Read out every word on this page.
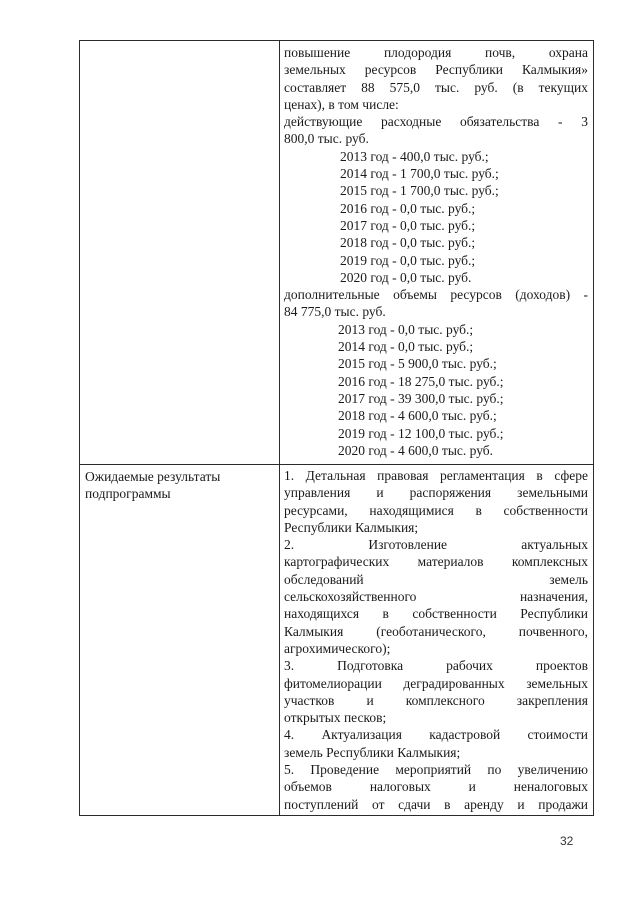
повышение плодородия почв, охрана
земельных ресурсов Республики Калмыкия»
составляет 88 575,0 тыс. руб. (в текущих
ценах), в том числе:
действующие расходные обязательства - 3
800,0 тыс. руб.
2013 год - 400,0 тыс. руб.;
2014 год - 1 700,0 тыс. руб.;
2015 год - 1 700,0 тыс. руб.;
2016 год - 0,0 тыс. руб.;
2017 год - 0,0 тыс. руб.;
2018 год - 0,0 тыс. руб.;
2019 год - 0,0 тыс. руб.;
2020 год - 0,0 тыс. руб.
дополнительные объемы ресурсов (доходов) -
84 775,0 тыс. руб.
2013 год - 0,0 тыс. руб.;
2014 год - 0,0 тыс. руб.;
2015 год - 5 900,0 тыс. руб.;
2016 год - 18 275,0 тыс. руб.;
2017 год - 39 300,0 тыс. руб.;
2018 год - 4 600,0 тыс. руб.;
2019 год - 12 100,0 тыс. руб.;
2020 год - 4 600,0 тыс. руб.
Ожидаемые результаты подпрограммы
1. Детальная правовая регламентация в сфере
управления и распоряжения земельными
ресурсами, находящимися в собственности
Республики Калмыкия;
2. Изготовление актуальных
картографических материалов комплексных
обследований земель
сельскохозяйственного назначения,
находящихся в собственности Республики
Калмыкия (геоботанического, почвенного,
агрохимического);
3. Подготовка рабочих проектов
фитомелиорации деградированных земельных
участков и комплексного закрепления
открытых песков;
4. Актуализация кадастровой стоимости
земель Республики Калмыкия;
5. Проведение мероприятий по увеличению
объемов налоговых и неналоговых
поступлений от сдачи в аренду и продажи
32
